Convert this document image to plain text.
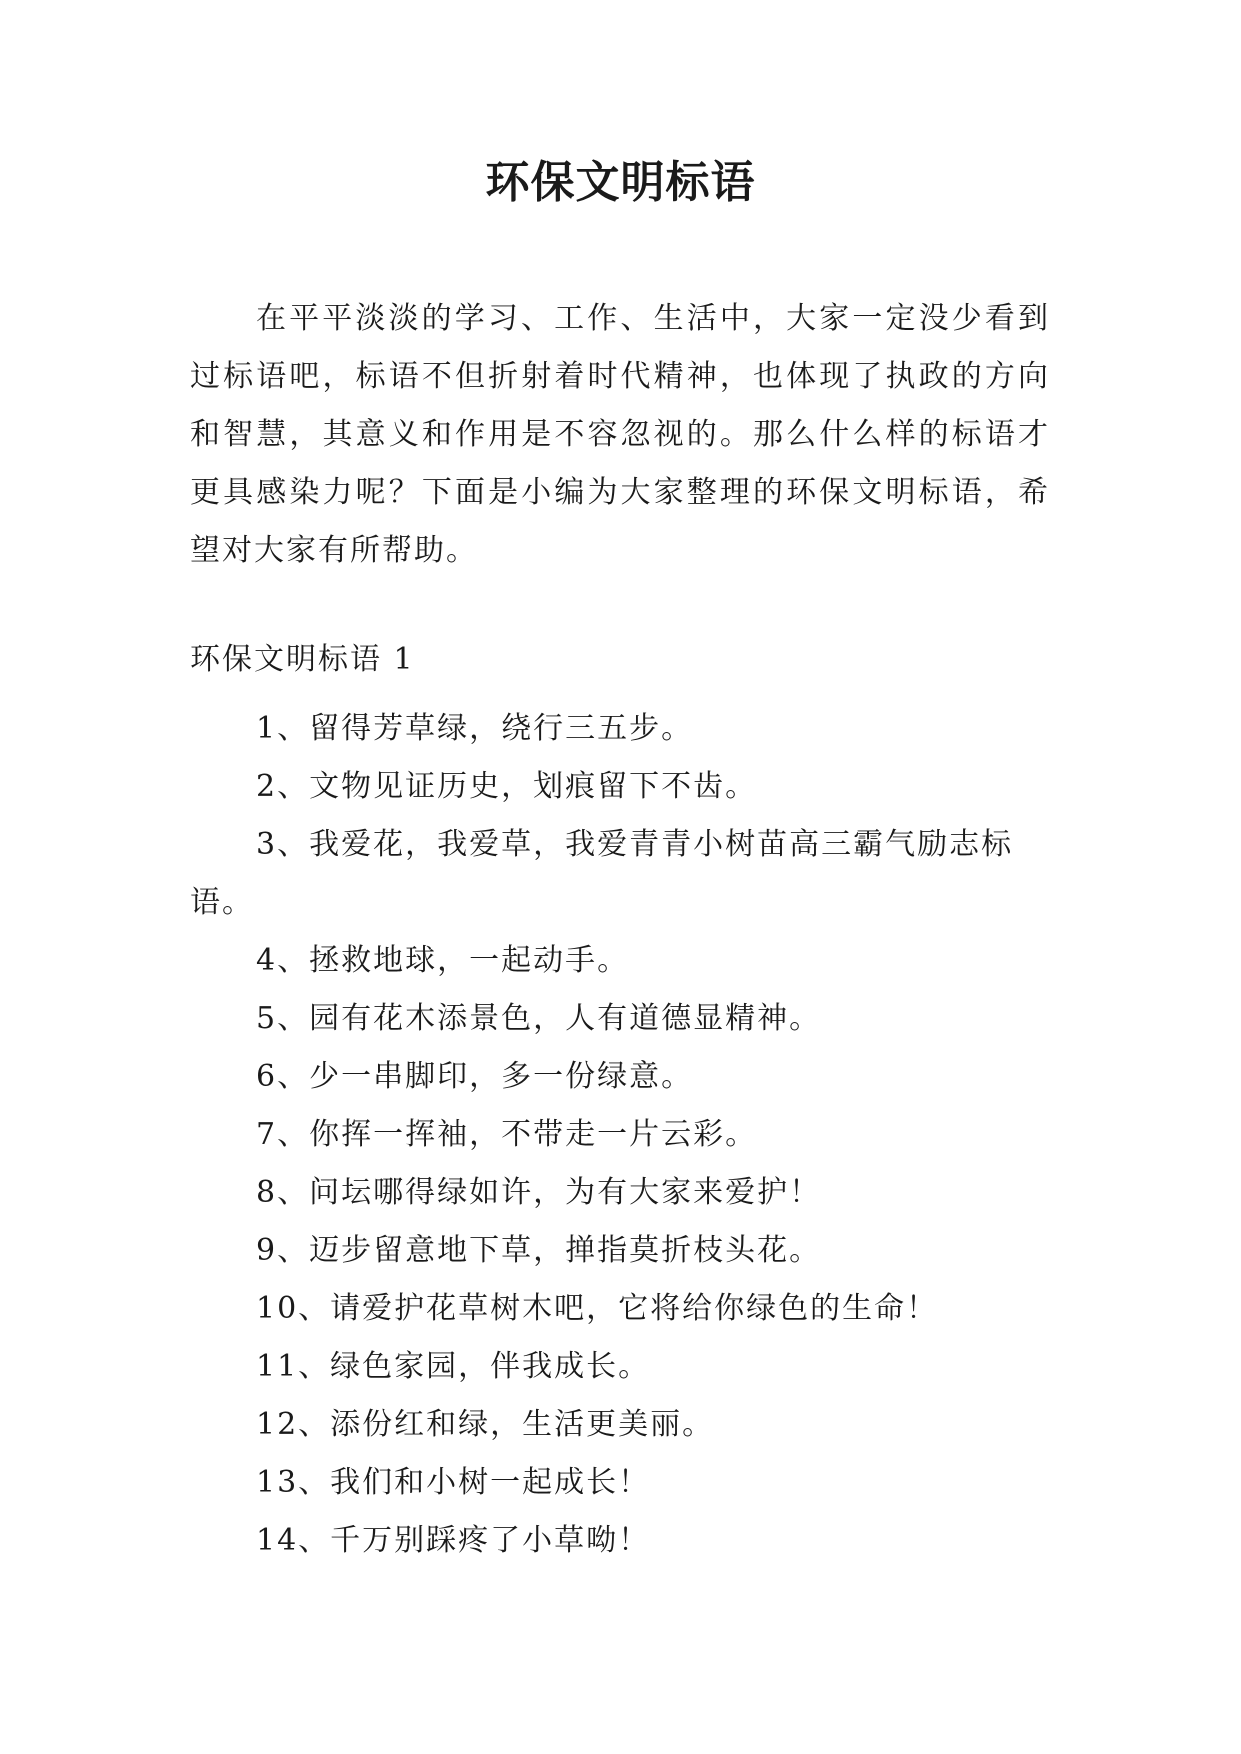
环保文明标语

在平平淡淡的学习、工作、生活中，大家一定没少看到过标语吧，标语不但折射着时代精神，也体现了执政的方向和智慧，其意义和作用是不容忽视的。那么什么样的标语才更具感染力呢？下面是小编为大家整理的环保文明标语，希望对大家有所帮助。

环保文明标语 1
1、留得芳草绿，绕行三五步。
2、文物见证历史，划痕留下不齿。
3、我爱花，我爱草，我爱青青小树苗高三霸气励志标语。
4、拯救地球，一起动手。
5、园有花木添景色，人有道德显精神。
6、少一串脚印，多一份绿意。
7、你挥一挥袖，不带走一片云彩。
8、问坛哪得绿如许，为有大家来爱护！
9、迈步留意地下草，掸指莫折枝头花。
10、请爱护花草树木吧，它将给你绿色的生命！
11、绿色家园，伴我成长。
12、添份红和绿，生活更美丽。
13、我们和小树一起成长！
14、千万别踩疼了小草呦！
